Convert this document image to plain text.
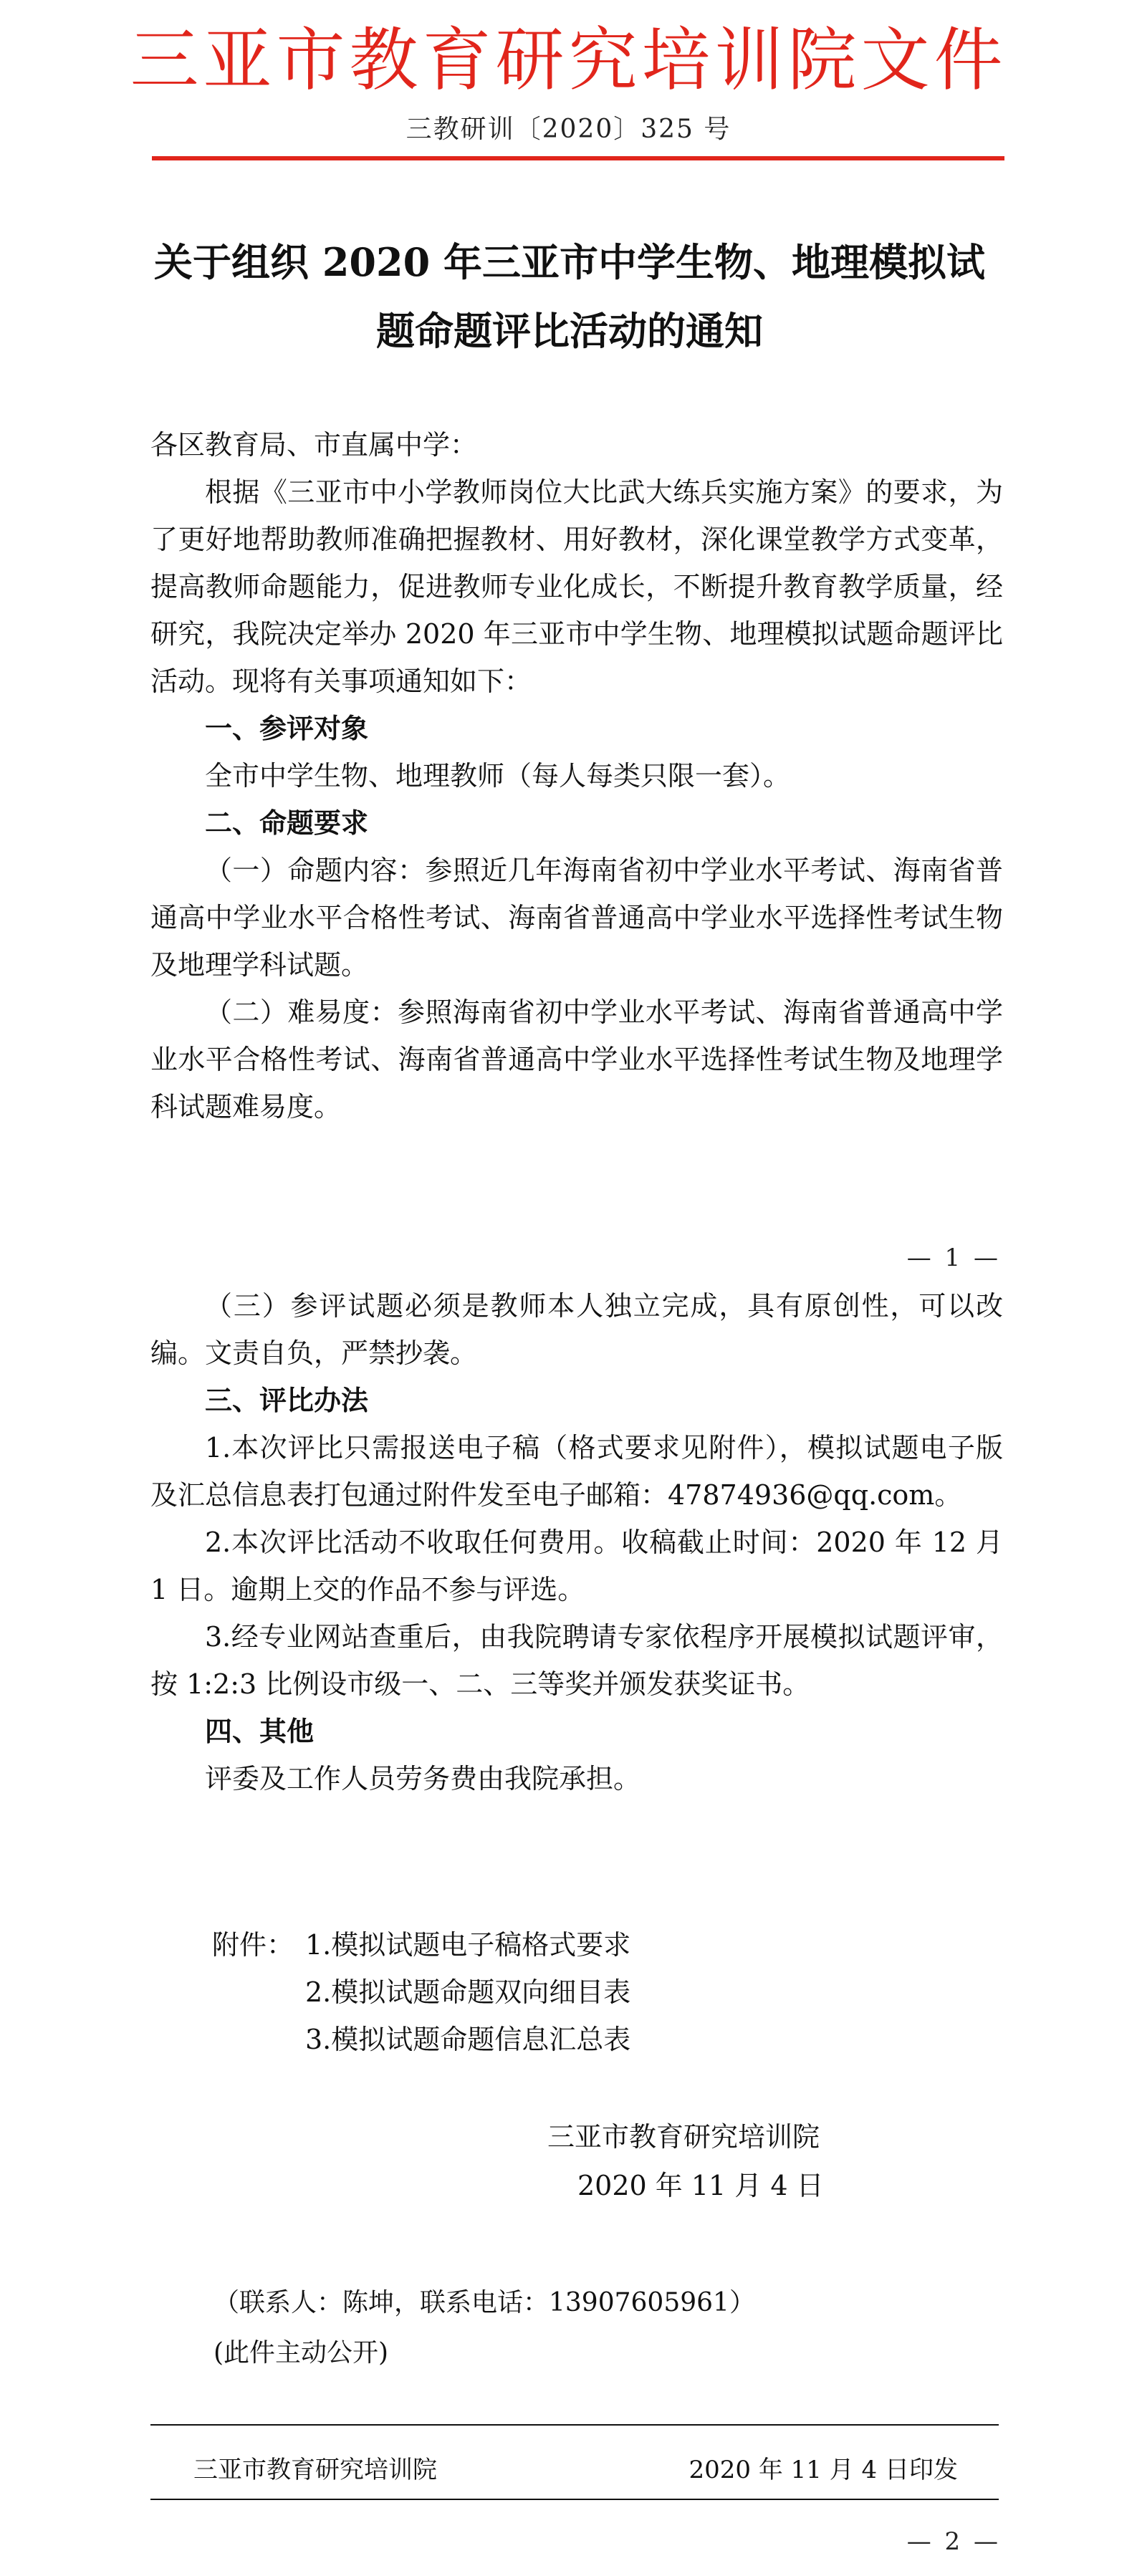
三亚市教育研究培训院文件
三教研训〔2020〕325 号
关于组织 2020 年三亚市中学生物、地理模拟试
题命题评比活动的通知

各区教育局、市直属中学：

根据《三亚市中小学教师岗位大比武大练兵实施方案》的要求，为了更好地帮助教师准确把握教材、用好教材，深化课堂教学方式变革，提高教师命题能力，促进教师专业化成长，不断提升教育教学质量，经研究，我院决定举办 2020 年三亚市中学生物、地理模拟试题命题评比活动。现将有关事项通知如下：

一、参评对象

全市中学生物、地理教师（每人每类只限一套）。

二、命题要求

（一）命题内容：参照近几年海南省初中学业水平考试、海南省普通高中学业水平合格性考试、海南省普通高中学业水平选择性考试生物及地理学科试题。

（二）难易度：参照海南省初中学业水平考试、海南省普通高中学业水平合格性考试、海南省普通高中学业水平选择性考试生物及地理学科试题难易度。

— 1 —

（三）参评试题必须是教师本人独立完成，具有原创性，可以改编。文责自负，严禁抄袭。

三、评比办法

1.本次评比只需报送电子稿（格式要求见附件），模拟试题电子版及汇总信息表打包通过附件发至电子邮箱：47874936@qq.com。

2.本次评比活动不收取任何费用。收稿截止时间：2020 年 12 月 1 日。逾期上交的作品不参与评选。

3.经专业网站查重后，由我院聘请专家依程序开展模拟试题评审，按 1:2:3 比例设市级一、二、三等奖并颁发获奖证书。

四、其他

评委及工作人员劳务费由我院承担。

附件： 1.模拟试题电子稿格式要求
2.模拟试题命题双向细目表
3.模拟试题命题信息汇总表
三亚市教育研究培训院
2020 年 11 月 4 日
（联系人：陈坤，联系电话：13907605961）
(此件主动公开)
三亚市教育研究培训院	2020 年 11 月 4 日印发
— 2 —
